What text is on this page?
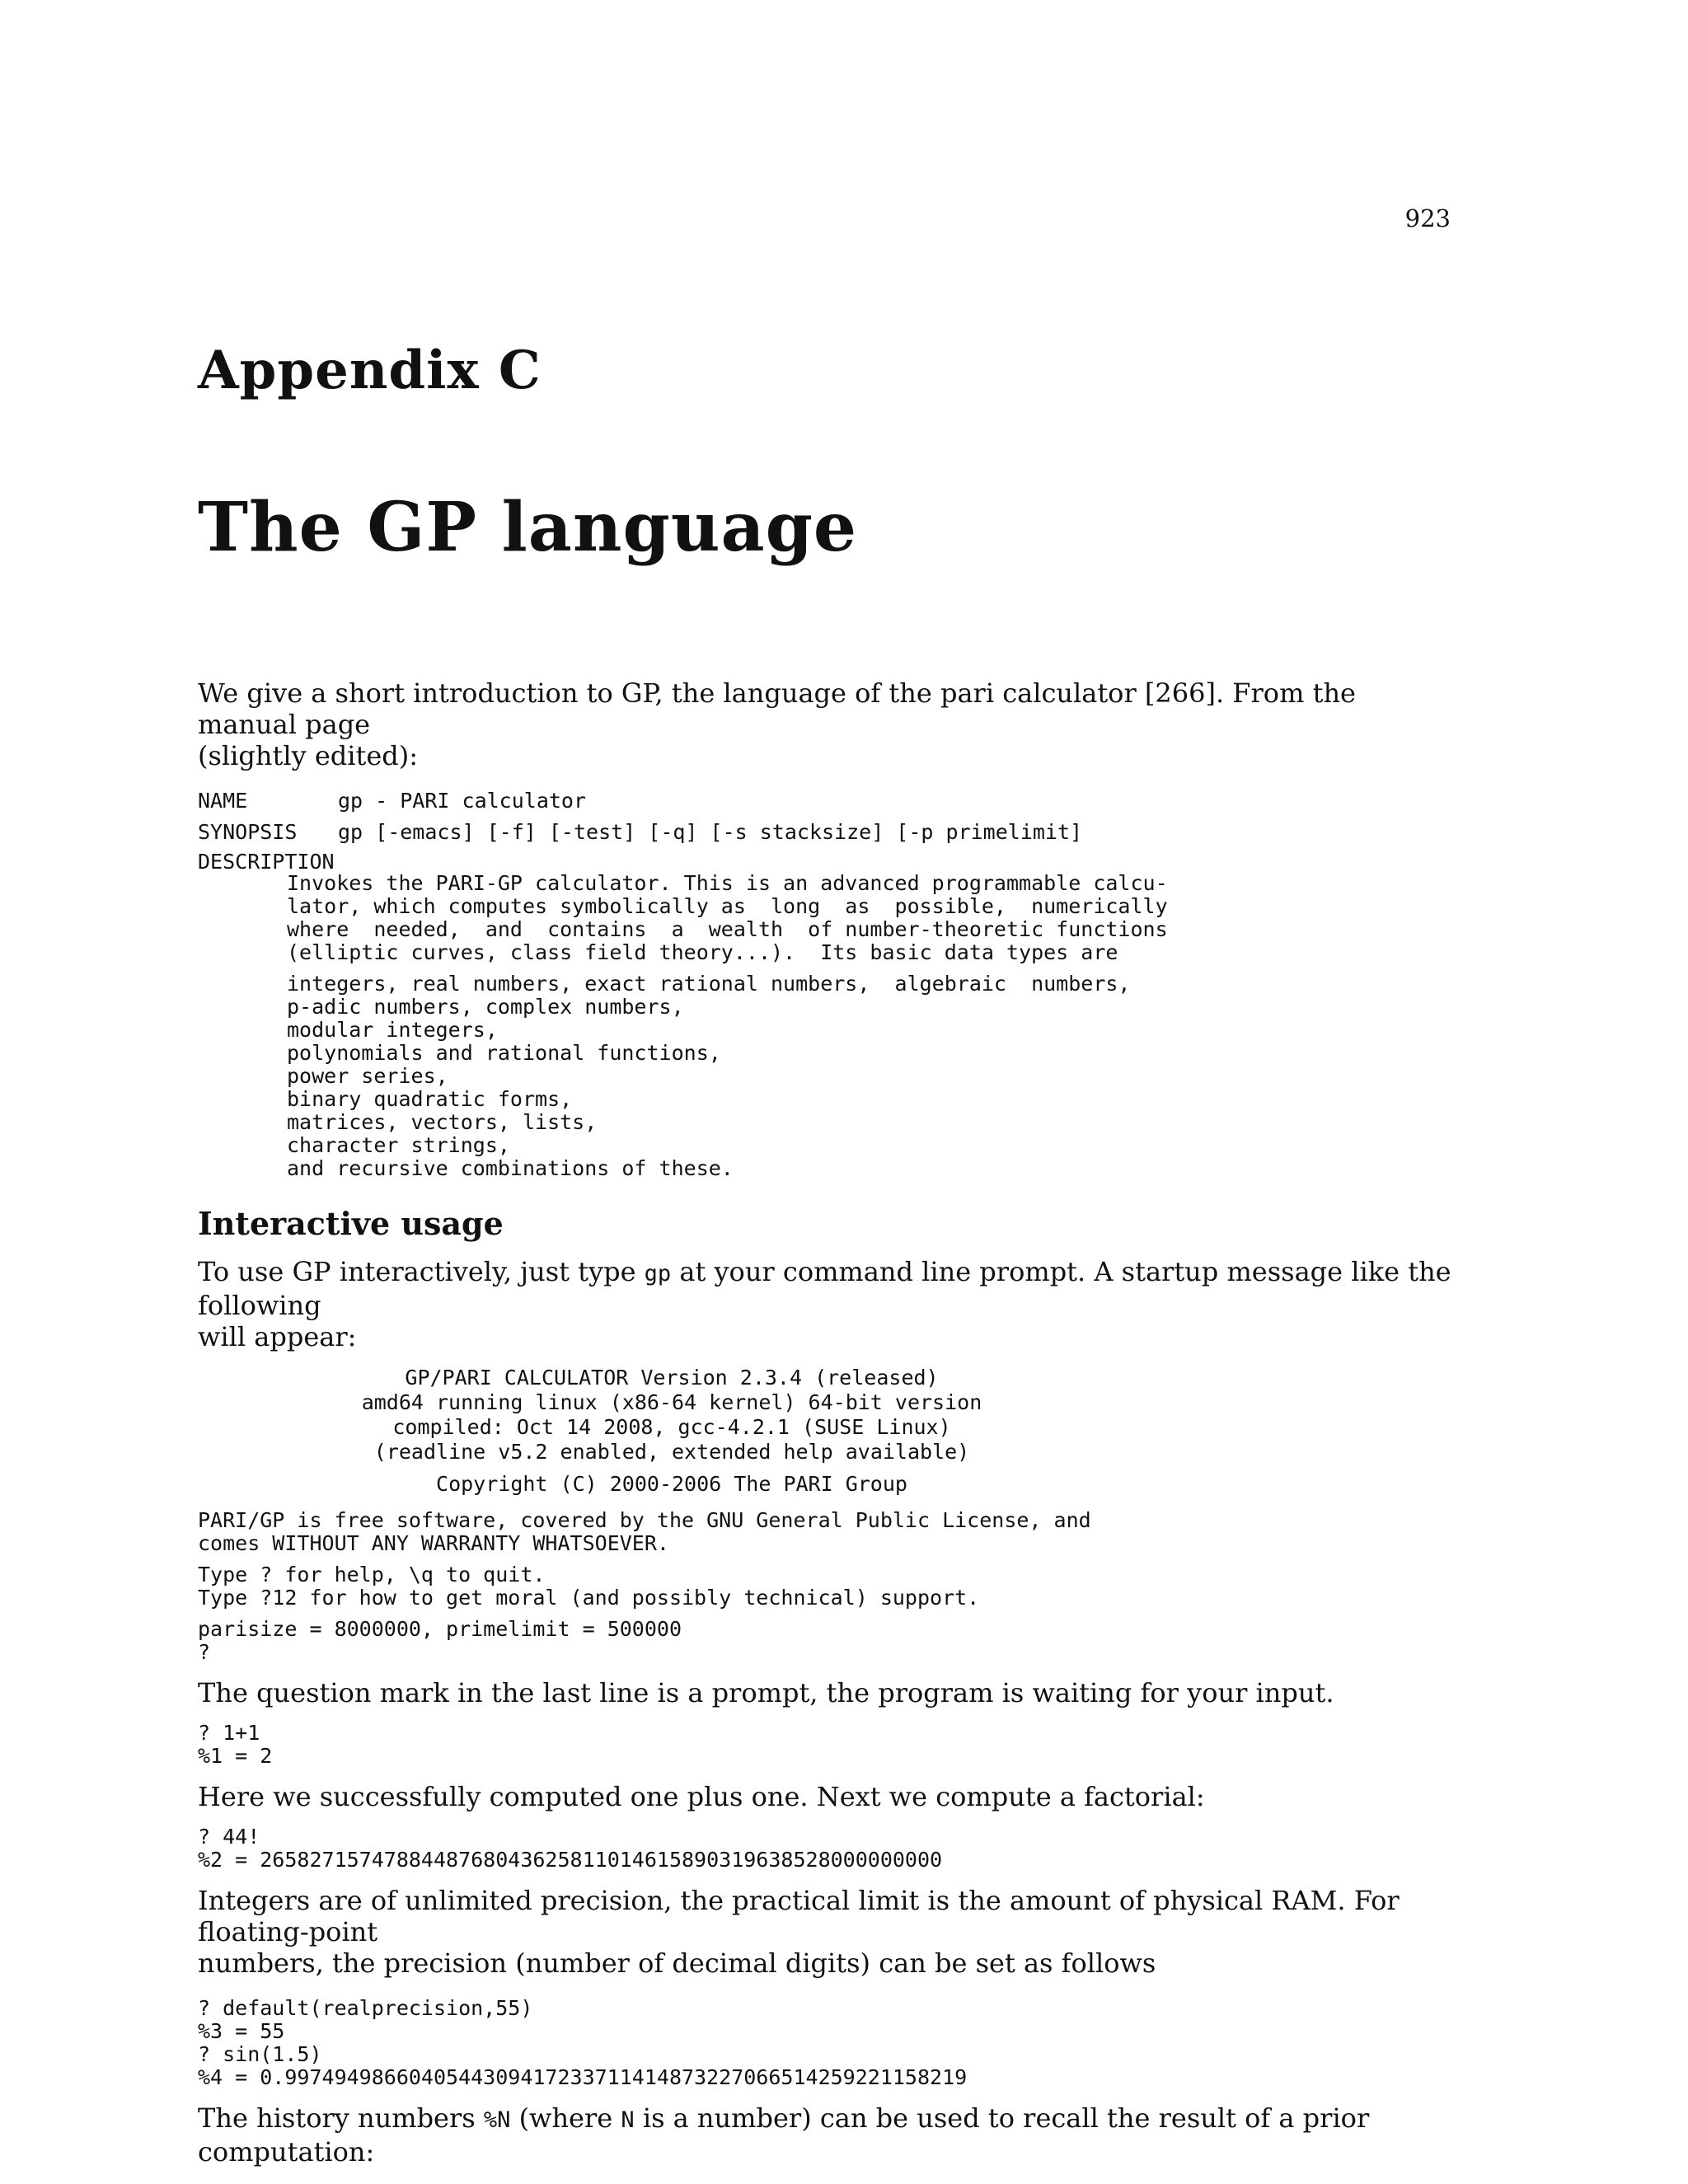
923
Appendix C
The GP language

We give a short introduction to GP, the language of the pari calculator [266]. From the manual page
(slightly edited):

NAME	gp - PARI calculator
SYNOPSIS	gp [-emacs] [-f] [-test] [-q] [-s stacksize] [-p primelimit]
DESCRIPTION
Invokes the PARI-GP calculator. This is an advanced programmable calcu-
lator, which computes symbolically as  long  as  possible,  numerically
where  needed,  and  contains  a  wealth  of number-theoretic functions
(elliptic curves, class field theory...).  Its basic data types are
integers, real numbers, exact rational numbers,  algebraic  numbers,
p-adic numbers, complex numbers,
modular integers,
polynomials and rational functions,
power series,
binary quadratic forms,
matrices, vectors, lists,
character strings,
and recursive combinations of these.
Interactive usage

To use GP interactively, just type gp at your command line prompt. A startup message like the following
will appear:

GP/PARI CALCULATOR Version 2.3.4 (released)
amd64 running linux (x86-64 kernel) 64-bit version
compiled: Oct 14 2008, gcc-4.2.1 (SUSE Linux)
(readline v5.2 enabled, extended help available)
Copyright (C) 2000-2006 The PARI Group
PARI/GP is free software, covered by the GNU General Public License, and
comes WITHOUT ANY WARRANTY WHATSOEVER.
Type ? for help, \q to quit.
Type ?12 for how to get moral (and possibly technical) support.
parisize = 8000000, primelimit = 500000
?

The question mark in the last line is a prompt, the program is waiting for your input.

? 1+1
%1 = 2

Here we successfully computed one plus one. Next we compute a factorial:

? 44!
%2 = 2658271574788448768043625811014615890319638528000000000

Integers are of unlimited precision, the practical limit is the amount of physical RAM. For floating-point
numbers, the precision (number of decimal digits) can be set as follows

? default(realprecision,55)
%3 = 55
? sin(1.5)
%4 = 0.9974949866040544309417233711414873227066514259221158219

The history numbers %N (where N is a number) can be used to recall the result of a prior computation:
